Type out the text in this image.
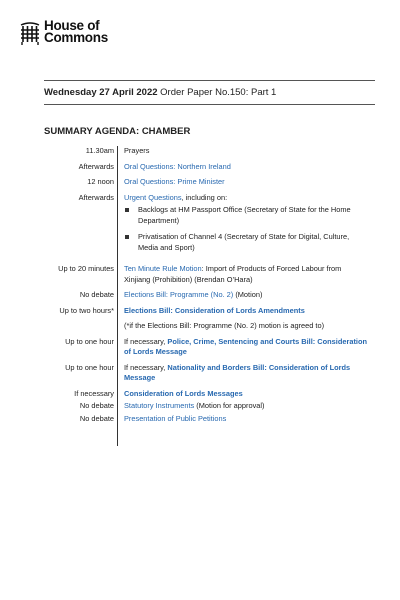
House of
Commons
Wednesday 27 April 2022 Order Paper No.150: Part 1
SUMMARY AGENDA: CHAMBER
11.30am	Prayers
Afterwards	Oral Questions: Northern Ireland
12 noon	Oral Questions: Prime Minister
Afterwards	Urgent Questions, including on:
Backlogs at HM Passport Office (Secretary of State for the Home Department)
Privatisation of Channel 4 (Secretary of State for Digital, Culture, Media and Sport)
Up to 20 minutes	Ten Minute Rule Motion: Import of Products of Forced Labour from Xinjiang (Prohibition) (Brendan O’Hara)
No debate	Elections Bill: Programme (No. 2) (Motion)
Up to two hours*	Elections Bill: Consideration of Lords Amendments
(*if the Elections Bill: Programme (No. 2) motion is agreed to)
Up to one hour	If necessary, Police, Crime, Sentencing and Courts Bill: Consideration of Lords Message
Up to one hour	If necessary, Nationality and Borders Bill: Consideration of Lords Message
If necessary	Consideration of Lords Messages
No debate	Statutory Instruments (Motion for approval)
No debate	Presentation of Public Petitions
